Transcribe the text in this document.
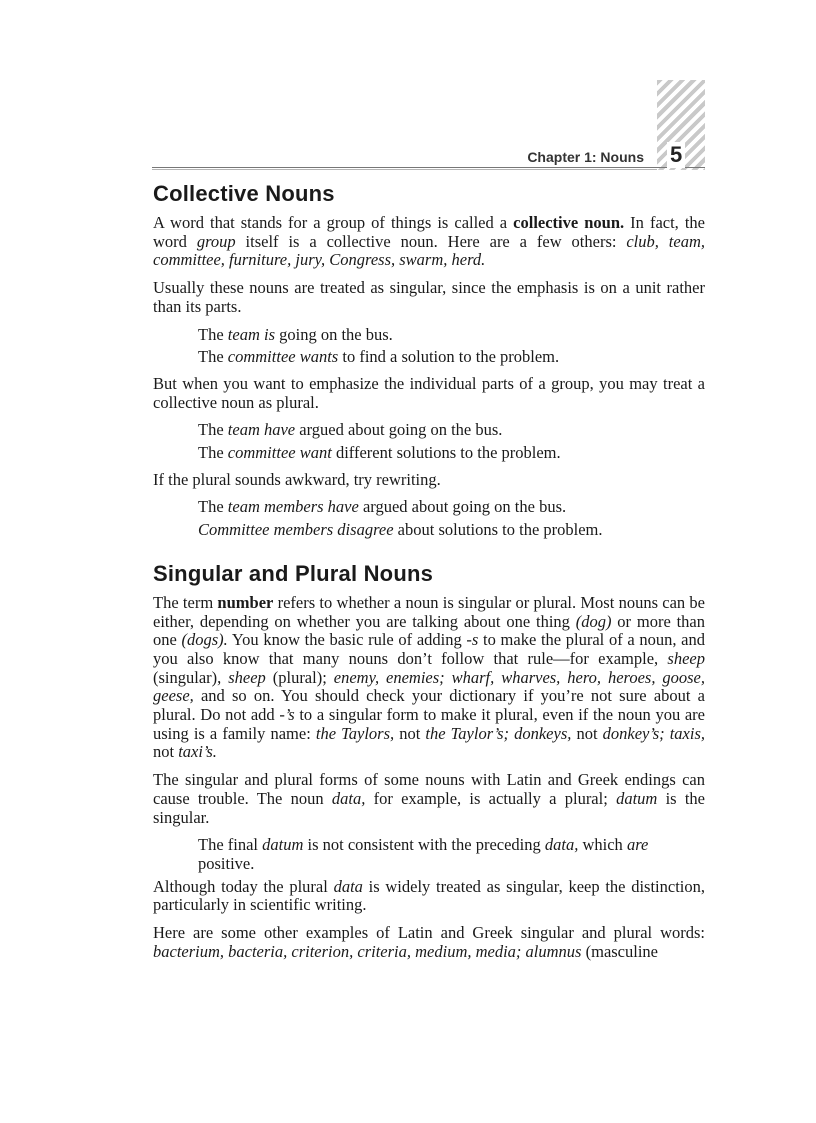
Chapter 1: Nouns 5
Collective Nouns

A word that stands for a group of things is called a collective noun. In fact, the word group itself is a collective noun. Here are a few others: club, team, committee, furniture, jury, Congress, swarm, herd.

Usually these nouns are treated as singular, since the emphasis is on a unit rather than its parts.

The team is going on the bus.

The committee wants to find a solution to the problem.

But when you want to emphasize the individual parts of a group, you may treat a collective noun as plural.

The team have argued about going on the bus.

The committee want different solutions to the problem.

If the plural sounds awkward, try rewriting.

The team members have argued about going on the bus.

Committee members disagree about solutions to the problem.

Singular and Plural Nouns

The term number refers to whether a noun is singular or plural. Most nouns can be either, depending on whether you are talking about one thing (dog) or more than one (dogs). You know the basic rule of adding -s to make the plural of a noun, and you also know that many nouns don’t follow that rule—for example, sheep (singular), sheep (plural); enemy, enemies; wharf, wharves, hero, heroes, goose, geese, and so on. You should check your dictionary if you’re not sure about a plural. Do not add -’s to a singular form to make it plural, even if the noun you are using is a family name: the Taylors, not the Taylor’s; donkeys, not donkey’s; taxis, not taxi’s.

The singular and plural forms of some nouns with Latin and Greek endings can cause trouble. The noun data, for example, is actually a plural; datum is the singular.

The final datum is not consistent with the preceding data, which are positive.

Although today the plural data is widely treated as singular, keep the distinction, particularly in scientific writing.

Here are some other examples of Latin and Greek singular and plural words: bacterium, bacteria, criterion, criteria, medium, media; alumnus (masculine
